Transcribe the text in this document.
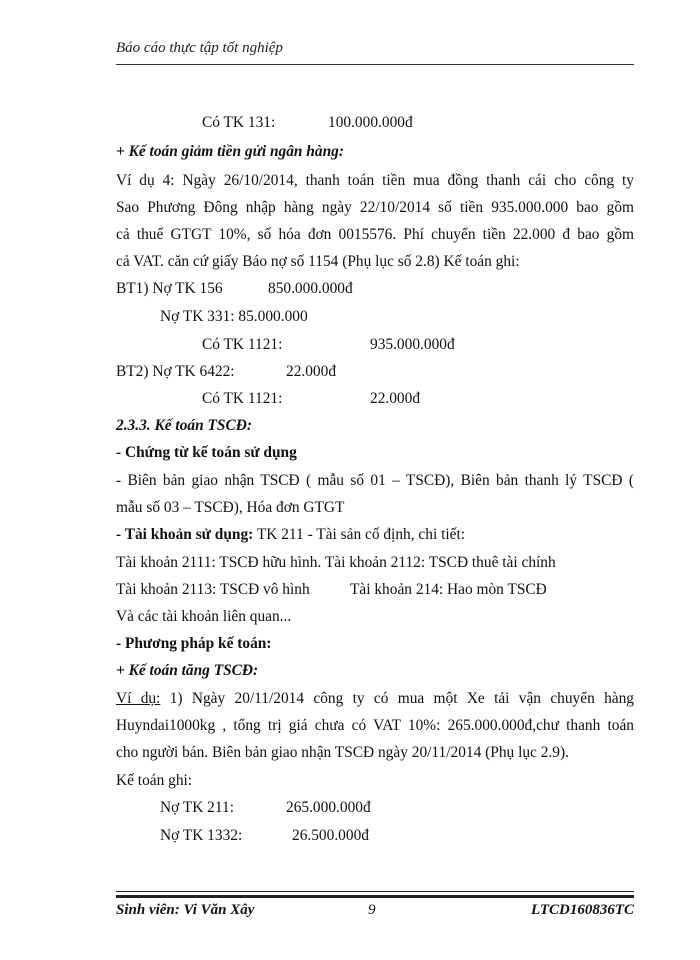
Báo cáo thực tập tốt nghiệp
Có TK 131:	100.000.000đ
+ Kế toán giảm tiền gửi ngân hàng:
Ví dụ 4: Ngày 26/10/2014, thanh toán tiền mua đồng thanh cái cho công ty
Sao Phương Đông nhập hàng ngày 22/10/2014 số tiền 935.000.000 bao gồm
cả thuế GTGT 10%, số hóa đơn 0015576. Phí chuyển tiền 22.000 đ bao gồm
cả VAT. căn cứ giấy Báo nợ số 1154 (Phụ lục số 2.8) Kế toán ghi:
BT1) Nợ TK 156	850.000.000đ
Nợ TK 331: 85.000.000
Có TK 1121:	935.000.000đ
BT2) Nợ TK 6422:	22.000đ
Có TK 1121:	22.000đ
2.3.3. Kế toán TSCĐ:
- Chứng từ kế toán sử dụng
- Biên bản giao nhận TSCĐ ( mẫu số 01 – TSCĐ), Biên bản thanh lý TSCĐ (
mẫu số 03 – TSCĐ), Hóa đơn GTGT
- Tài khoản sử dụng: TK 211 - Tài sản cố định, chi tiết:
Tài khoản 2111: TSCĐ hữu hình. Tài khoản 2112: TSCĐ thuê tài chính
Tài khoản 2113: TSCĐ vô hình	Tài khoản 214: Hao mòn TSCĐ
Và các tài khoản liên quan...
- Phương pháp kế toán:
+ Kế toán tăng TSCĐ:
Ví dụ: 1) Ngày 20/11/2014 công ty có mua một Xe tải vận chuyển hàng
Huyndai1000kg , tổng trị giá chưa có VAT 10%: 265.000.000đ,chư thanh toán
cho người bán. Biên bản giao nhận TSCĐ ngày 20/11/2014 (Phụ lục 2.9).
Kế toán ghi:
Nợ TK 211:	265.000.000đ
Nợ TK 1332:	26.500.000đ
Sinh viên: Vi Văn Xây	9	LTCD160836TC
